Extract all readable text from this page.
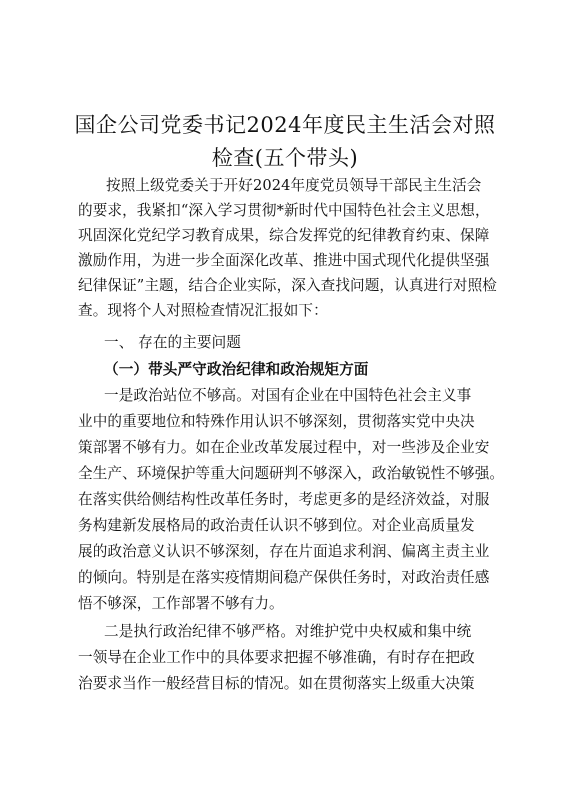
国企公司党委书记2024年度民主生活会对照
检查(五个带头)
按照上级党委关于开好2024年度党员领导干部民主生活会
的要求，我紧扣“深入学习贯彻*新时代中国特色社会主义思想，
巩固深化党纪学习教育成果，综合发挥党的纪律教育约束、保障
激励作用，为进一步全面深化改革、推进中国式现代化提供坚强
纪律保证”主题，结合企业实际，深入查找问题，认真进行对照检
查。现将个人对照检查情况汇报如下：
一、 存在的主要问题
（一）带头严守政治纪律和政治规矩方面
一是政治站位不够高。对国有企业在中国特色社会主义事
业中的重要地位和特殊作用认识不够深刻，贯彻落实党中央决
策部署不够有力。如在企业改革发展过程中，对一些涉及企业安
全生产、环境保护等重大问题研判不够深入，政治敏锐性不够强。
在落实供给侧结构性改革任务时，考虑更多的是经济效益，对服
务构建新发展格局的政治责任认识不够到位。对企业高质量发
展的政治意义认识不够深刻，存在片面追求利润、偏离主责主业
的倾向。特别是在落实疫情期间稳产保供任务时，对政治责任感
悟不够深，工作部署不够有力。
二是执行政治纪律不够严格。对维护党中央权威和集中统
一领导在企业工作中的具体要求把握不够准确，有时存在把政
治要求当作一般经营目标的情况。如在贯彻落实上级重大决策
